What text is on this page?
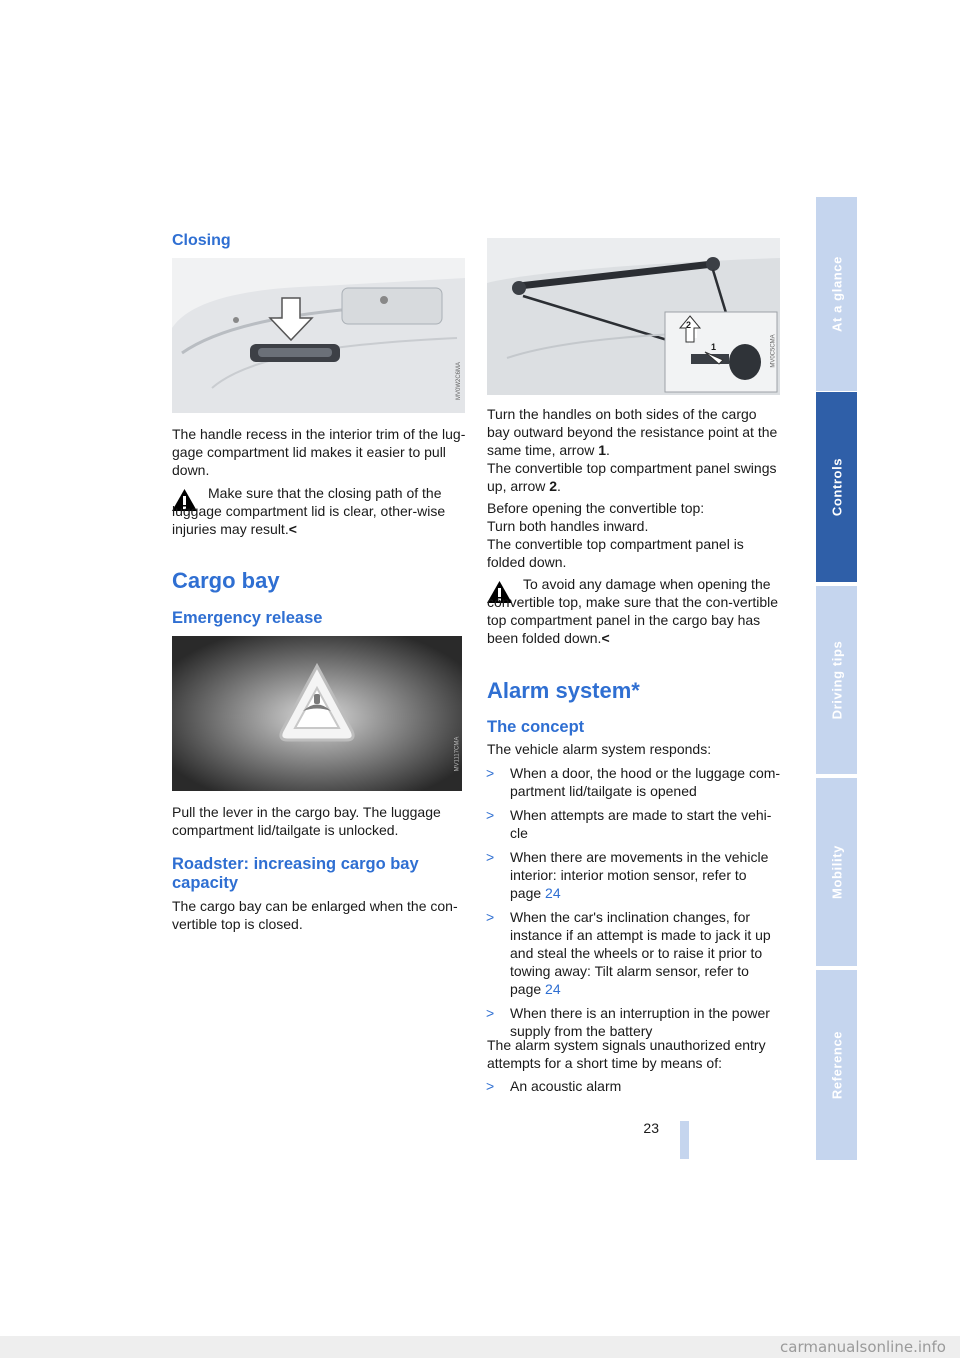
Closing
MV0W2C6MA

The handle recess in the interior trim of the lug-gage compartment lid makes it easier to pull down.

Make sure that the closing path of the luggage compartment lid is clear, other-wise injuries may result.<

Cargo bay
Emergency release
MV1117CMA

Pull the lever in the cargo bay. The luggage compartment lid/tailgate is unlocked.

Roadster: increasing cargo bay capacity

The cargo bay can be enlarged when the con-vertible top is closed.

2
1	MV0C5CMA

Turn the handles on both sides of the cargo bay outward beyond the resistance point at the same time, arrow 1.
The convertible top compartment panel swings up, arrow 2.

Before opening the convertible top:
Turn both handles inward.
The convertible top compartment panel is folded down.

To avoid any damage when opening the convertible top, make sure that the con-vertible top compartment panel in the cargo bay has been folded down.<

Alarm system*
The concept

The vehicle alarm system responds:

> When a door, the hood or the luggage com-partment lid/tailgate is opened
> When attempts are made to start the vehi-cle
> When there are movements in the vehicle interior: interior motion sensor, refer to page 24
> When the car's inclination changes, for instance if an attempt is made to jack it up and steal the wheels or to raise it prior to towing away: Tilt alarm sensor, refer to page 24
> When there is an interruption in the power supply from the battery

The alarm system signals unauthorized entry attempts for a short time by means of:

> An acoustic alarm
23
At a glance
Controls
Driving tips
Mobility
Reference
carmanualsonline.info
